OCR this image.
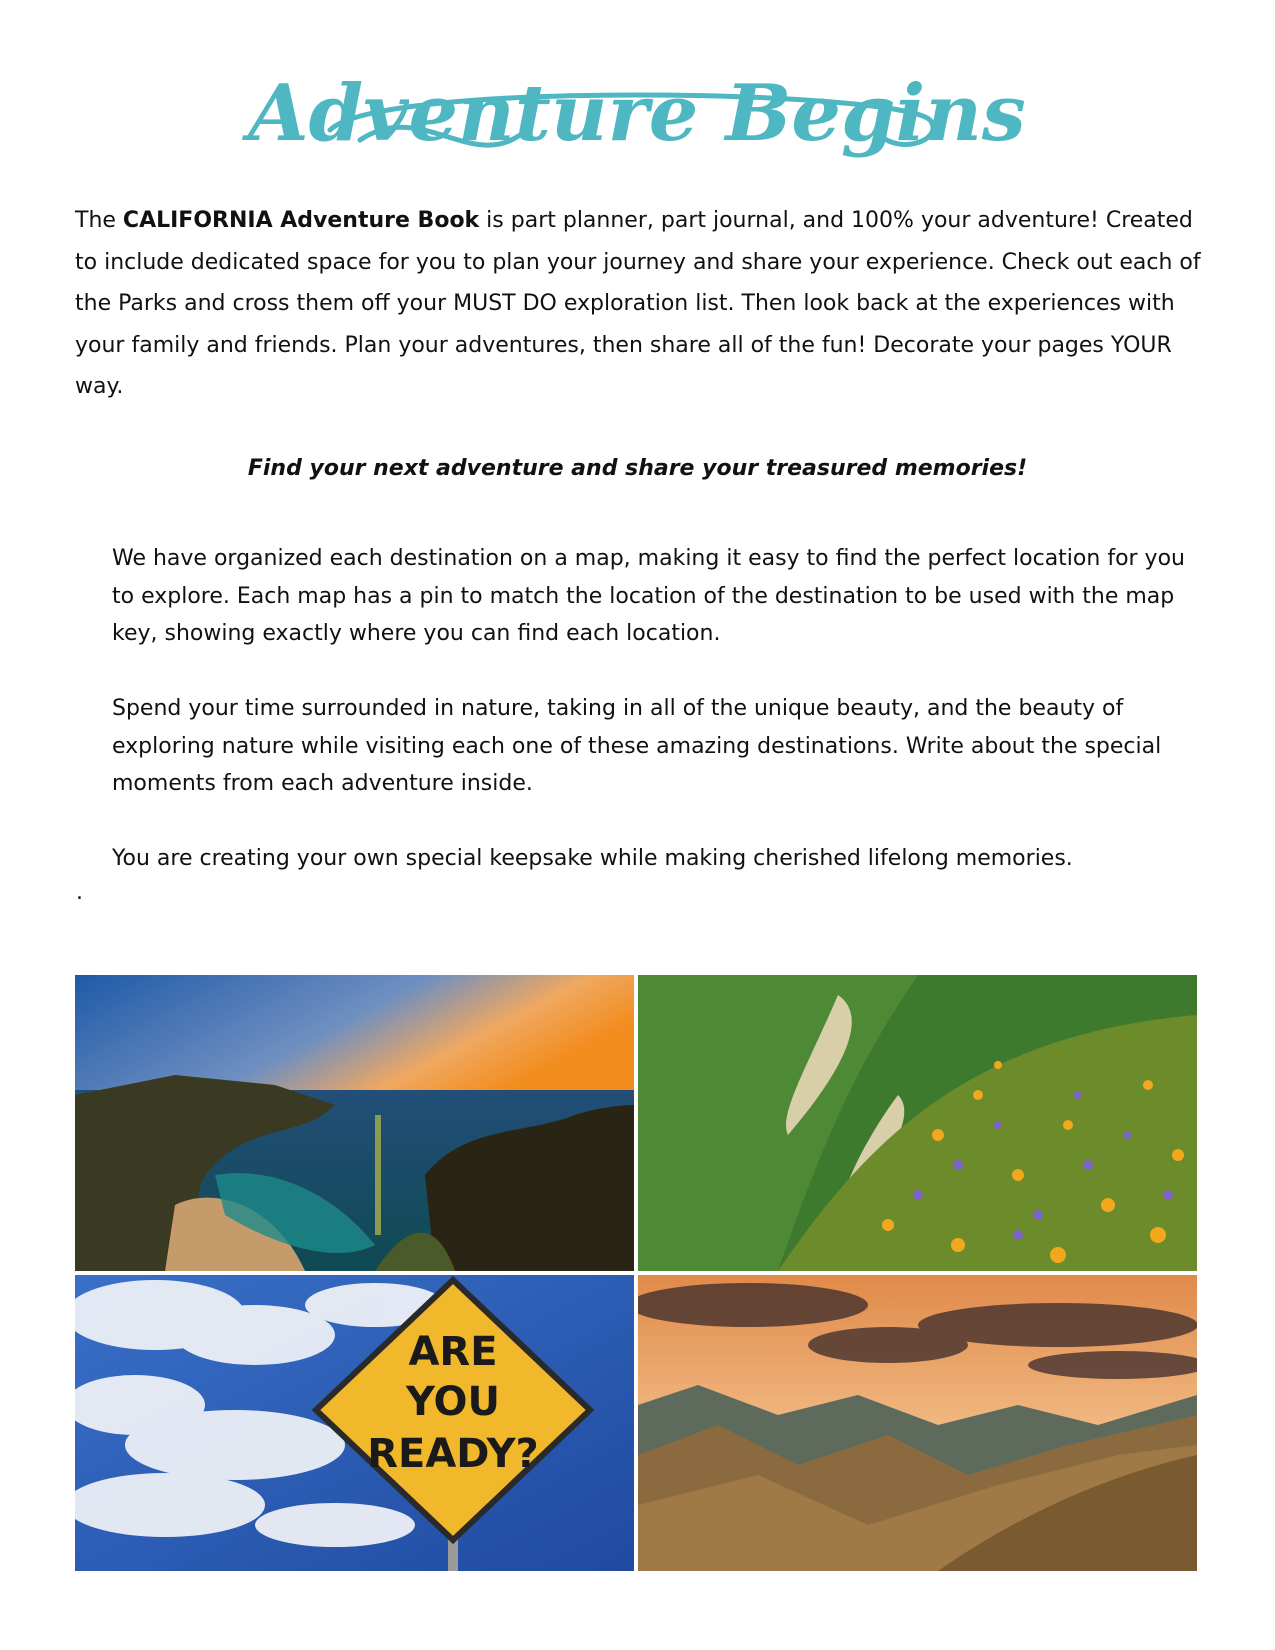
Adventure Begins

The CALIFORNIA Adventure Book is part planner, part journal, and 100% your adventure! Created to include dedicated space for you to plan your journey and share your experience. Check out each of the Parks and cross them off your MUST DO exploration list. Then look back at the experiences with your family and friends. Plan your adventures, then share all of the fun! Decorate your pages YOUR way.

Find your next adventure and share your treasured memories!

We have organized each destination on a map, making it easy to find the perfect location for you to explore. Each map has a pin to match the location of the destination to be used with the map key, showing exactly where you can find each location.

Spend your time surrounded in nature, taking in all of the unique beauty, and the beauty of exploring nature while visiting each one of these amazing destinations. Write about the special moments from each adventure inside.

You are creating your own special keepsake while making cherished lifelong memories.

.

ARE
YOU
READY?
